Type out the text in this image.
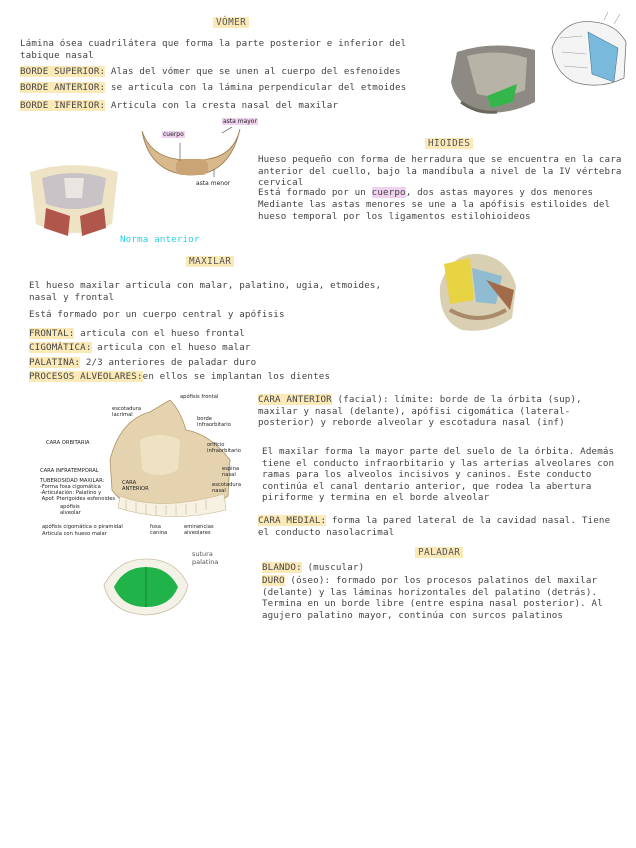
VÓMER
Lámina ósea cuadrilátera que forma la parte posterior e inferior del tabique nasal
BORDE SUPERIOR: Alas del vómer que se unen al cuerpo del esfenoides
BORDE ANTERIOR: se articula con la lámina perpendicular del etmoides
BORDE INFERIOR: Articula con la cresta nasal del maxilar
asta mayor
cuerpo
asta menor
Norma anterior
HIOIDES
Hueso pequeño con forma de herradura que se encuentra en la cara anterior del cuello, bajo la mandíbula a nivel de la IV vértebra cervical
Está formado por un cuerpo, dos astas mayores y dos menores
Mediante las astas menores se une a la apófisis estiloides del hueso temporal por los ligamentos estilohioideos
MAXILAR
El hueso maxilar articula con malar, palatino, ugia, etmoides, nasal y frontal
Está formado por un cuerpo central y apófisis
FRONTAL: articula con el hueso frontal
CIGOMÁTICA: articula con el hueso malar
PALATINA: 2/3 anteriores de paladar duro
PROCESOS ALVEOLARES:en ellos se implantan los dientes
apófisis frontal
escotadura lacrimal
borde infraorbitario
CARA ORBITARIA	orificio infraorbitario
CARA INFRATEMPORAL	espina nasal
TUBEROSIDAD MAXILAR:
-Forma fosa cigomática
-Articulación: Palatino y
Apof. Pterigoides esfenoides
CARA ANTERIOR
escotadura nasal
apófisis alveolar
apófisis cigomática o piramidal
Articula con hueso malar
fosa canina
eminencias alveolares
CARA ANTERIOR (facial): límite: borde de la órbita (sup), maxilar y nasal (delante), apófisi cigomática (lateral-posterior) y reborde alveolar y escotadura nasal (inf)
El maxilar forma la mayor parte del suelo de la órbita. Además tiene el conducto infraorbitario y las arterias alveolares con ramas para los alveolos incisivos y caninos. Este conducto continúa el canal dentario anterior, que rodea la abertura piriforme y termina en el borde alveolar
CARA MEDIAL: forma la pared lateral de la cavidad nasal. Tiene el conducto nasolacrimal
PALADAR
sutura palatina	BLANDO: (muscular)
DURO (óseo): formado por los procesos palatinos del maxilar (delante) y las láminas horizontales del palatino (detrás). Termina en un borde libre (entre espina nasal posterior). Al agujero palatino mayor, continúa con surcos palatinos
